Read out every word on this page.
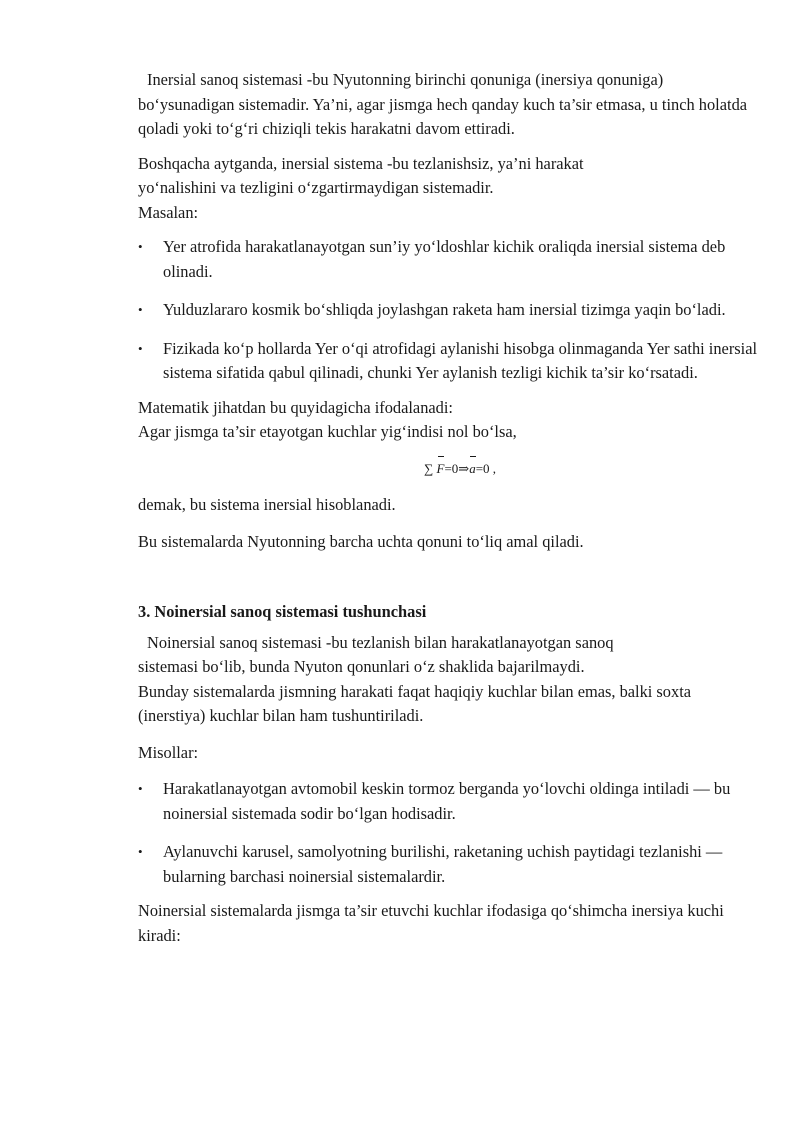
Inersial sanoq sistemasi -bu Nyutonning birinchi qonuniga (inersiya qonuniga) bo‘ysunadigan sistemadir. Ya’ni, agar jismga hech qanday kuch ta’sir etmasa, u tinch holatda qoladi yoki to‘g‘ri chiziqli tekis harakatni davom ettiradi.

Boshqacha aytganda, inersial sistema -bu tezlanishsiz, ya’ni harakat

yo‘nalishini va tezligini o‘zgartirmaydigan sistemadir.

Masalan:

• Yer atrofida harakatlanayotgan sun’iy yo‘ldoshlar kichik oraliqda inersial sistema deb olinadi.
• Yulduzlararo kosmik bo‘shliqda joylashgan raketa ham inersial tizimga yaqin bo‘ladi.
• Fizikada ko‘p hollarda Yer o‘qi atrofidagi aylanishi hisobga olinmaganda Yer sathi inersial sistema sifatida qabul qilinadi, chunki Yer aylanish tezligi kichik ta’sir ko‘rsatadi.

Matematik jihatdan bu quyidagicha ifodalanadi:

Agar jismga ta’sir etayotgan kuchlar yig‘indisi nol bo‘lsa,

∑ F=0⇒a=0 ,

demak, bu sistema inersial hisoblanadi.

Bu sistemalarda Nyutonning barcha uchta qonuni to‘liq amal qiladi.

3. Noinersial sanoq sistemasi tushunchasi

Noinersial sanoq sistemasi -bu tezlanish bilan harakatlanayotgan sanoq

sistemasi bo‘lib, bunda Nyuton qonunlari o‘z shaklida bajarilmaydi.

Bunday sistemalarda jismning harakati faqat haqiqiy kuchlar bilan emas, balki soxta (inerstiya) kuchlar bilan ham tushuntiriladi.

Misollar:

• Harakatlanayotgan avtomobil keskin tormoz berganda yo‘lovchi oldinga intiladi — bu noinersial sistemada sodir bo‘lgan hodisadir.
• Aylanuvchi karusel, samolyotning burilishi, raketaning uchish paytidagi tezlanishi — bularning barchasi noinersial sistemalardir.

Noinersial sistemalarda jismga ta’sir etuvchi kuchlar ifodasiga qo‘shimcha inersiya kuchi kiradi:
